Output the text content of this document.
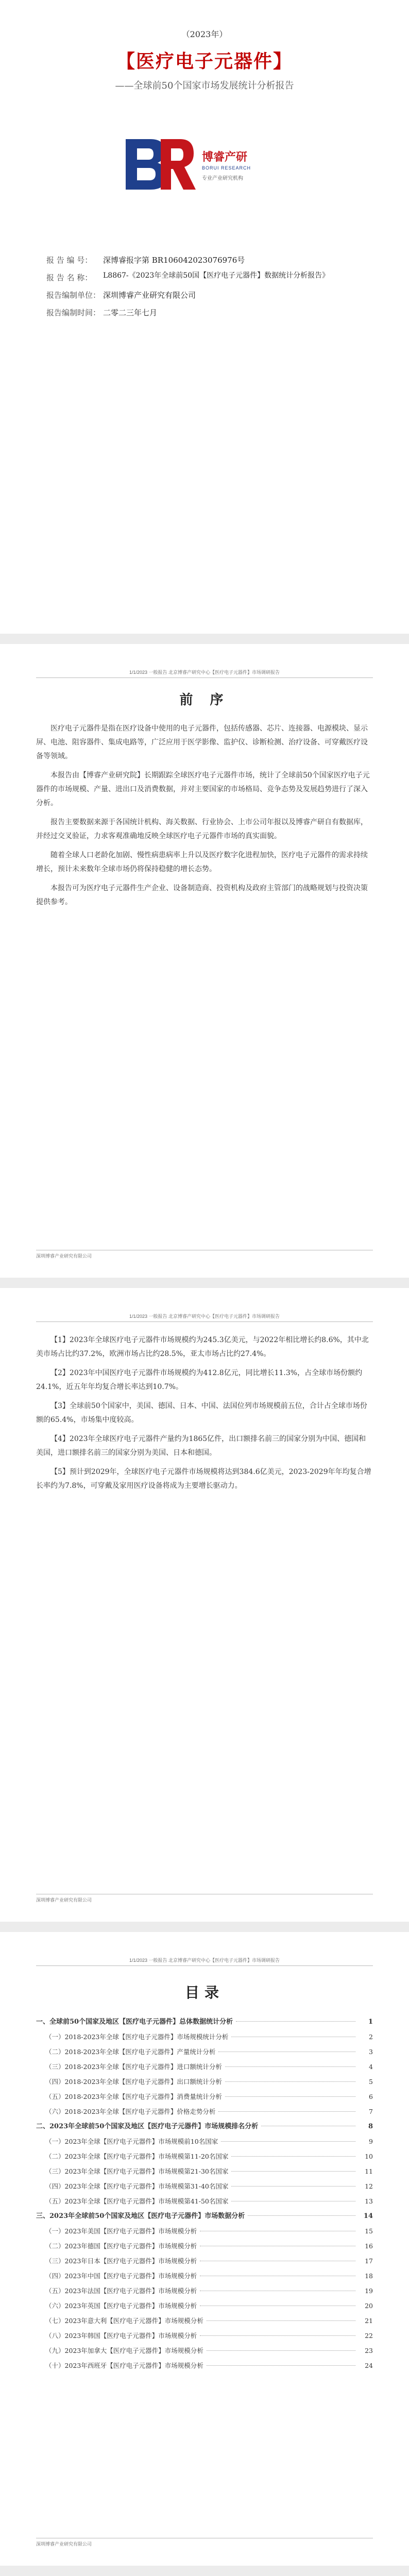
（2023年）
【医疗电子元器件】
——全球前50个国家市场发展统计分析报告
博睿产研
BORUI RESEARCH
专业产业研究机构
报 告 编 号：	深博睿报字第 BR106042023076976号
报 告 名 称：	L8867-《2023年全球前50国【医疗电子元器件】数据统计分析报告》
报告编制单位： 深圳博睿产业研究有限公司
报告编制时间： 二零二三年七月
1/1/2023 一般报告 北京博睿产研究中心【医疗电子元器件】市场调研报告
前 序

医疗电子元器件是指在医疗设备中使用的电子元器件，包括传感器、芯片、连接器、电源模块、显示屏、电池、阻容器件、集成电路等，广泛应用于医学影像、监护仪、诊断检测、治疗设备、可穿戴医疗设备等领域。

本报告由【博睿产业研究院】长期跟踪全球医疗电子元器件市场，统计了全球前50个国家医疗电子元器件的市场规模、产量、进出口及消费数据，并对主要国家的市场格局、竞争态势及发展趋势进行了深入分析。

报告主要数据来源于各国统计机构、海关数据、行业协会、上市公司年报以及博睿产研自有数据库，并经过交叉验证，力求客观准确地反映全球医疗电子元器件市场的真实面貌。

随着全球人口老龄化加剧、慢性病患病率上升以及医疗数字化进程加快，医疗电子元器件的需求持续增长，预计未来数年全球市场仍将保持稳健的增长态势。

本报告可为医疗电子元器件生产企业、设备制造商、投资机构及政府主管部门的战略规划与投资决策提供参考。

深圳博睿产业研究有限公司
1/1/2023 一般报告 北京博睿产研究中心【医疗电子元器件】市场调研报告

【1】2023年全球医疗电子元器件市场规模约为245.3亿美元，与2022年相比增长约8.6%，其中北美市场占比约37.2%，欧洲市场占比约28.5%，亚太市场占比约27.4%。

【2】2023年中国医疗电子元器件市场规模约为412.8亿元，同比增长11.3%，占全球市场份额约24.1%，近五年年均复合增长率达到10.7%。

【3】全球前50个国家中，美国、德国、日本、中国、法国位列市场规模前五位，合计占全球市场份额的65.4%，市场集中度较高。

【4】2023年全球医疗电子元器件产量约为1865亿件，出口额排名前三的国家分别为中国、德国和美国，进口额排名前三的国家分别为美国、日本和德国。

【5】预计到2029年，全球医疗电子元器件市场规模将达到384.6亿美元，2023-2029年年均复合增长率约为7.8%，可穿戴及家用医疗设备将成为主要增长驱动力。

深圳博睿产业研究有限公司
1/1/2023 一般报告 北京博睿产研究中心【医疗电子元器件】市场调研报告
目录
一、全球前50个国家及地区【医疗电子元器件】总体数据统计分析	1
（一）2018-2023年全球【医疗电子元器件】市场规模统计分析	2
（二）2018-2023年全球【医疗电子元器件】产量统计分析	3
（三）2018-2023年全球【医疗电子元器件】进口额统计分析	4
（四）2018-2023年全球【医疗电子元器件】出口额统计分析	5
（五）2018-2023年全球【医疗电子元器件】消费量统计分析	6
（六）2018-2023年全球【医疗电子元器件】价格走势分析	7
二、2023年全球前50个国家及地区【医疗电子元器件】市场规模排名分析	8
（一）2023年全球【医疗电子元器件】市场规模前10名国家	9
（二）2023年全球【医疗电子元器件】市场规模第11-20名国家	10
（三）2023年全球【医疗电子元器件】市场规模第21-30名国家	11
（四）2023年全球【医疗电子元器件】市场规模第31-40名国家	12
（五）2023年全球【医疗电子元器件】市场规模第41-50名国家	13
三、2023年全球前50个国家及地区【医疗电子元器件】市场数据分析	14
（一）2023年美国【医疗电子元器件】市场规模分析	15
（二）2023年德国【医疗电子元器件】市场规模分析	16
（三）2023年日本【医疗电子元器件】市场规模分析	17
（四）2023年中国【医疗电子元器件】市场规模分析	18
（五）2023年法国【医疗电子元器件】市场规模分析	19
（六）2023年英国【医疗电子元器件】市场规模分析	20
（七）2023年意大利【医疗电子元器件】市场规模分析	21
（八）2023年韩国【医疗电子元器件】市场规模分析	22
（九）2023年加拿大【医疗电子元器件】市场规模分析	23
（十）2023年西班牙【医疗电子元器件】市场规模分析	24
深圳博睿产业研究有限公司
